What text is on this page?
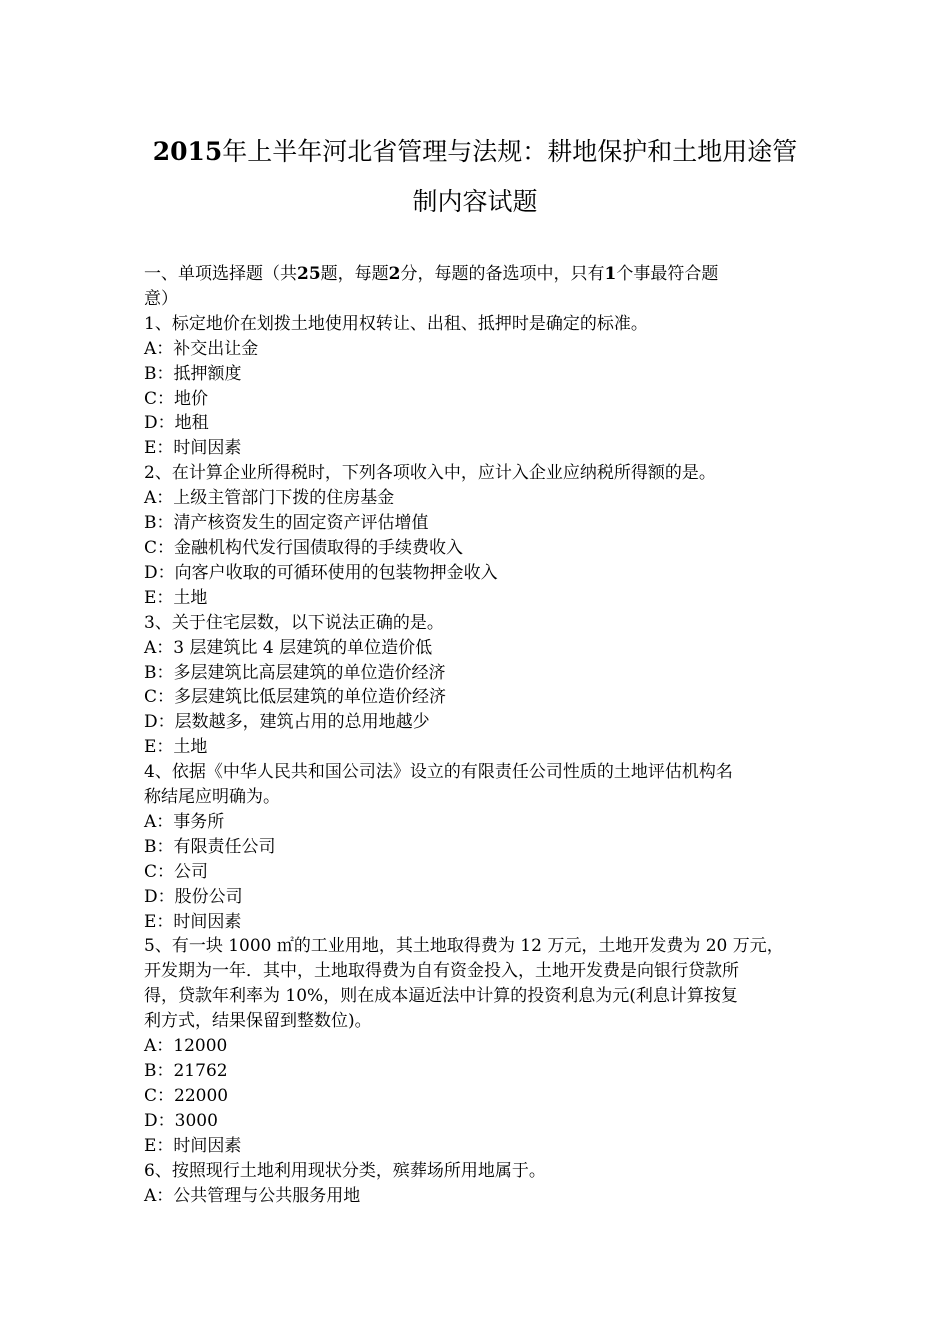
2015年上半年河北省管理与法规：耕地保护和土地用途管
制内容试题
一、单项选择题（共25题，每题2分，每题的备选项中，只有1个事最符合题
意）
1、标定地价在划拨土地使用权转让、出租、抵押时是确定的标准。
A：补交出让金
B：抵押额度
C：地价
D：地租
E：时间因素
2、在计算企业所得税时，下列各项收入中，应计入企业应纳税所得额的是。
A：上级主管部门下拨的住房基金
B：清产核资发生的固定资产评估增值
C：金融机构代发行国债取得的手续费收入
D：向客户收取的可循环使用的包装物押金收入
E：土地
3、关于住宅层数，以下说法正确的是。
A：3 层建筑比 4 层建筑的单位造价低
B：多层建筑比高层建筑的单位造价经济
C：多层建筑比低层建筑的单位造价经济
D：层数越多，建筑占用的总用地越少
E：土地
4、依据《中华人民共和国公司法》设立的有限责任公司性质的土地评估机构名
称结尾应明确为。
A：事务所
B：有限责任公司
C：公司
D：股份公司
E：时间因素
5、有一块 1000 ㎡的工业用地，其土地取得费为 12 万元，土地开发费为 20 万元，
开发期为一年．其中，土地取得费为自有资金投入，土地开发费是向银行贷款所
得，贷款年利率为 10%，则在成本逼近法中计算的投资利息为元(利息计算按复
利方式，结果保留到整数位)。
A：12000
B：21762
C：22000
D：3000
E：时间因素
6、按照现行土地利用现状分类，殡葬场所用地属于。
A：公共管理与公共服务用地
